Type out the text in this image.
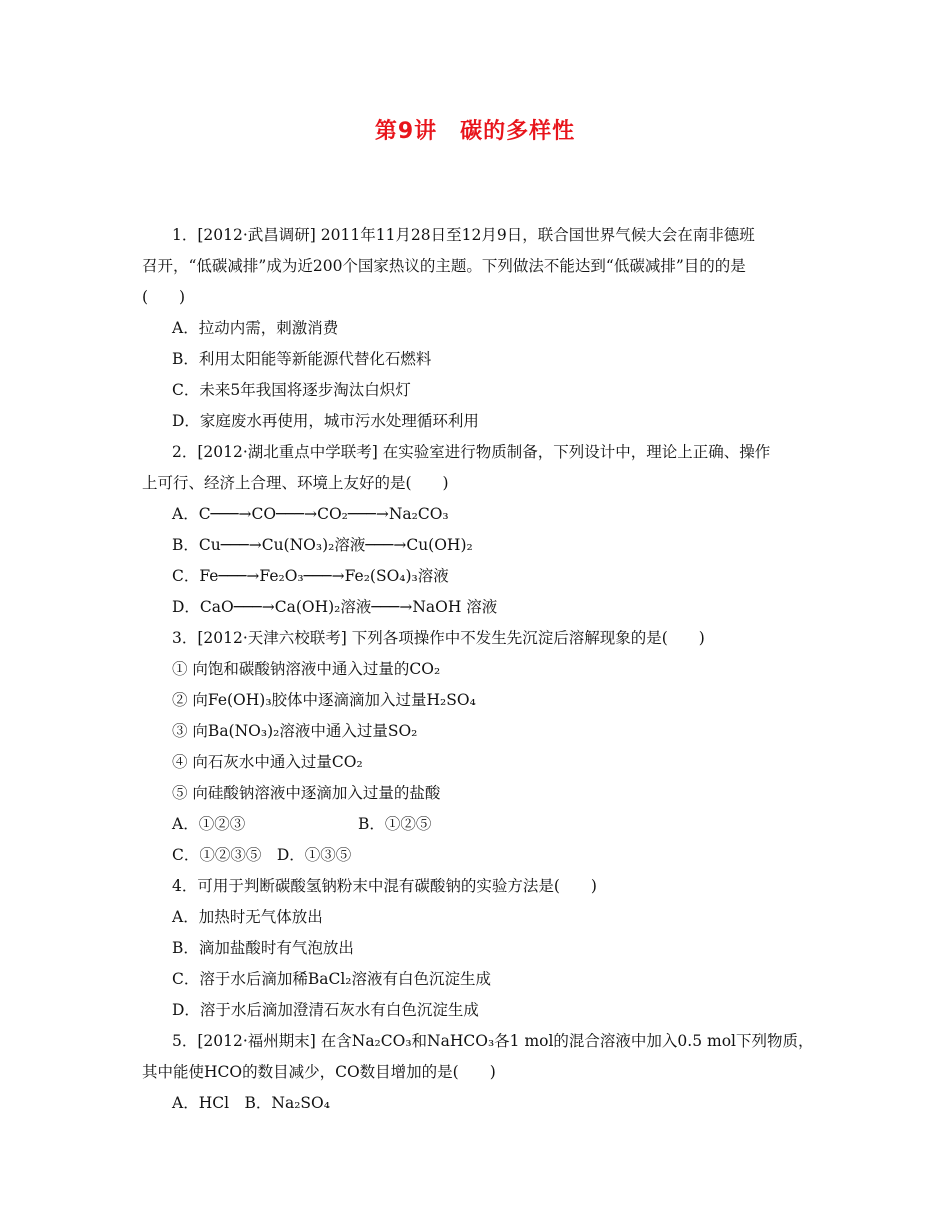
第9讲　碳的多样性
1．[2012·武昌调研] 2011年11月28日至12月9日，联合国世界气候大会在南非德班
召开，“低碳减排”成为近200个国家热议的主题。下列做法不能达到“低碳减排”目的的是
(　　)
A．拉动内需，刺激消费
B．利用太阳能等新能源代替化石燃料
C．未来5年我国将逐步淘汰白炽灯
D．家庭废水再使用，城市污水处理循环利用
2．[2012·湖北重点中学联考] 在实验室进行物质制备，下列设计中，理论上正确、操作
上可行、经济上合理、环境上友好的是(　　)
A．C───→CO───→CO₂───→Na₂CO₃
B．Cu───→Cu(NO₃)₂溶液───→Cu(OH)₂
C．Fe───→Fe₂O₃───→Fe₂(SO₄)₃溶液
D．CaO───→Ca(OH)₂溶液───→NaOH 溶液
3．[2012·天津六校联考] 下列各项操作中不发生先沉淀后溶解现象的是(　　)
① 向饱和碳酸钠溶液中通入过量的CO₂
② 向Fe(OH)₃胶体中逐滴滴加入过量H₂SO₄
③ 向Ba(NO₃)₂溶液中通入过量SO₂
④ 向石灰水中通入过量CO₂
⑤ 向硅酸钠溶液中逐滴加入过量的盐酸
A．①②③	B．①②⑤
C．①②③⑤　D．①③⑤
4．可用于判断碳酸氢钠粉末中混有碳酸钠的实验方法是(　　)
A．加热时无气体放出
B．滴加盐酸时有气泡放出
C．溶于水后滴加稀BaCl₂溶液有白色沉淀生成
D．溶于水后滴加澄清石灰水有白色沉淀生成
5．[2012·福州期末] 在含Na₂CO₃和NaHCO₃各1 mol的混合溶液中加入0.5 mol下列物质，
其中能使HCO的数目减少，CO数目增加的是(　　)
A．HCl　B．Na₂SO₄
